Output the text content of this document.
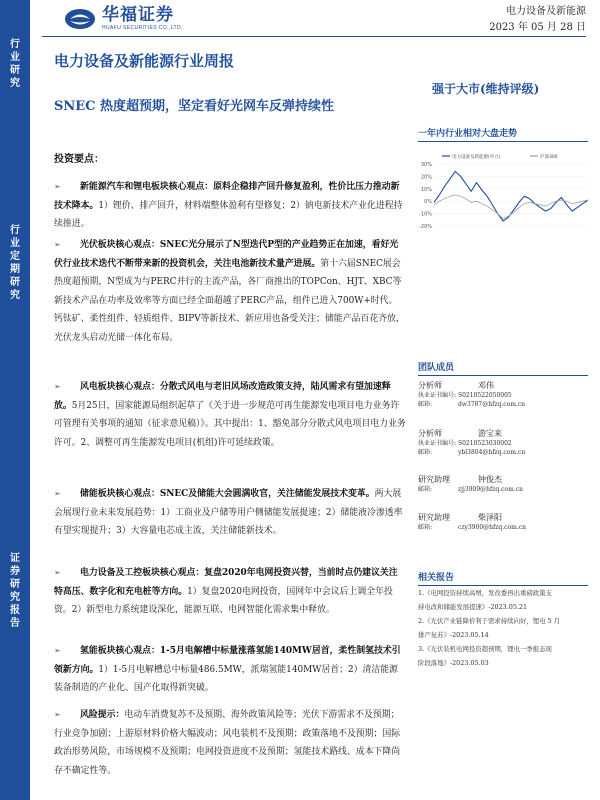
行
业
研
究
行
业
定
期
研
究
证
券
研
究
报
告
华福证券
HUAFU SECURITIES CO.,LTD.
电力设备及新能源
2023 年 05 月 28 日
电力设备及新能源行业周报
SNEC 热度超预期，坚定看好光网车反弹持续性
强于大市(维持评级)
一年内行业相对大盘走势
30%
20%
10%
0%
-10%
-20%
电力设备及新能源(申万)	沪深300
团队成员
分析师	邓伟
执业证书编号: S0210522050005
邮箱:	dw3787@hfzq.com.cn
分析师	游宝来
执业证书编号: S0210523030002
邮箱:	ybl3804@hfzq.com.cn
研究助理	钟俊杰
邮箱:	zjj3909@hfzq.com.cn
研究助理	柴泽阳
邮箱:	czy3900@hfzq.com.cn
相关报告
1.《电网投资持续高增，发改委再出重磅政策支
持电改和储能发展提速》-2023.05.21
2.《光伏产业链降价利于需求持续向好，锂电 5 月
排产复苏》-2023.05.14
3.《光伏装机电网投资超预期，锂电一季报态现
阶段落地》-2023.05.03
投资要点：
➢ 新能源汽车和锂电板块核心观点：原料企稳排产回升修复盈利，性价比压力推动新技术降本。1）锂价、排产回升，材料端整体盈利有望修复；2）钠电新技术产业化进程持续推进。
➢ 光伏板块核心观点：SNEC光分展示了N型迭代P型的产业趋势正在加速，看好光伏行业技术迭代不断带来新的投资机会，关注电池新技术量产进展。第十六届SNEC展会热度超预期，N型成为与PERC并行的主流产品，各厂商推出的TOPCon、HJT、XBC等新技术产品在功率及效率等方面已经全面超越了PERC产品，组件已进入700W+时代。钙钛矿、柔性组件、轻质组件、BIPV等新技术、新应用也备受关注；储能产品百花齐放，光伏龙头启动光储一体化布局。
➢ 风电板块核心观点：分散式风电与老旧风场改造政策支持，陆风需求有望加速释放。5月25日，国家能源局组织起草了《关于进一步规范可再生能源发电项目电力业务许可管理有关事项的通知（征求意见稿）》。其中提出：1、豁免部分分散式风电项目电力业务许可。2、调整可再生能源发电项目(机组)许可延续政策。
➢ 储能板块核心观点：SNEC及储能大会圆满收官，关注储能发展技术变革。两大展会展现行业未来发展趋势：1）工商业及户储等用户侧储能发展提速；2）储能液冷渗透率有望实现提升；3）大容量电芯成主流，关注储能新技术。
➢ 电力设备及工控板块核心观点：复盘2020年电网投资兴替，当前时点仍建议关注特高压、数字化和充电桩等方向。1）复盘2020电网投资，国网年中会议后上调全年投资。2）新型电力系统建设深化，能源互联、电网智能化需求集中释放。
➢ 氢能板块核心观点：1-5月电解槽中标量涨落氢能140MW居首，柔性制氢技术引领新方向。1）1-5月电解槽总中标量486.5MW，派瑞氢能140MW居首；2）清洁能源装备制造的产业化、国产化取得新突破。
➢ 风险提示：电动车消费复苏不及预期、海外政策风险等；光伏下游需求不及预期；行业竞争加剧；上游原材料价格大幅波动；风电装机不及预期；政策落地不及预期；国际政治形势风险，市场规模不及预期；电网投资进度不及预期；氢能技术路线、成本下降尚存不确定性等。
